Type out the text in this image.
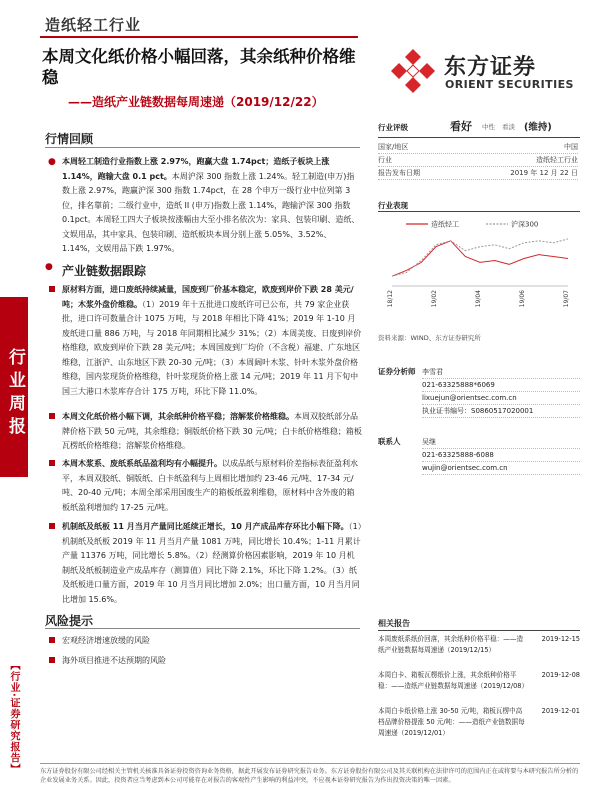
造纸轻工行业
本周文化纸价格小幅回落，其余纸种价格维稳
——造纸产业链数据每周速递（2019/12/22）
东方证券
ORIENT SECURITIES
行业周报
【行业·证券研究报告】
行情回顾
● 本周轻工制造行业指数上涨 2.97%，跑赢大盘 1.74pct；造纸子板块上涨 1.14%，跑输大盘 0.1 pct。本周沪深 300 指数上涨 1.24%。轻工制造(申万)指数上涨 2.97%，跑赢沪深 300 指数 1.74pct，在 28 个申万一级行业中位列第 3 位，排名靠前；二级行业中，造纸 II (申万)指数上涨 1.14%，跑输沪深 300 指数 0.1pct。本周轻工四大子板块按涨幅由大至小排名依次为：家具、包装印刷、造纸、文娱用品，其中家具、包装印刷、造纸板块本周分别上涨 5.05%、3.52%、1.14%，文娱用品下跌 1.97%。
● 产业链数据跟踪
原材料方面，进口废纸持续减量，国废到厂价基本稳定，欧废到岸价下跌 28 美元/吨；木浆外盘价维稳。（1）2019 年十五批进口废纸许可已公布，共 79 家企业获批，进口许可数量合计 1075 万吨，与 2018 年相比下降 41%；2019 年 1-10 月废纸进口量 886 万吨，与 2018 年同期相比减少 31%；（2）本周美废、日废到岸价格维稳，欧废到岸价下跌 28 美元/吨；本周国废到厂均价（不含税）福建、广东地区维稳，江浙沪、山东地区下跌 20-30 元/吨；（3）本周阔叶木浆、针叶木浆外盘价格维稳，国内浆现货价格维稳，针叶浆现货价格上涨 14 元/吨；2019 年 11 月下旬中国三大港口木浆库存合计 175 万吨，环比下降 11.0%。
本周文化纸价格小幅下调，其余纸种价格平稳；溶解浆价格维稳。本周双胶纸部分品牌价格下跌 50 元/吨，其余维稳；铜版纸价格下跌 30 元/吨；白卡纸价格维稳；箱板瓦楞纸价格维稳；溶解浆价格维稳。
本周木浆系、废纸系纸品盈利均有小幅提升。以成品纸与原材料价差指标表征盈利水平，本周双胶纸、铜版纸、白卡纸盈利与上周相比增加约 23-46 元/吨、17-34 元/吨、20-40 元/吨；本周全部采用国废生产的箱板纸盈利维稳，原材料中含外废的箱板纸盈利增加约 17-25 元/吨。
机制纸及纸板 11 月当月产量同比延续正增长，10 月产成品库存环比小幅下降。（1）机制纸及纸板 2019 年 11 月当月产量 1081 万吨，同比增长 10.4%；1-11 月累计产量 11376 万吨，同比增长 5.8%。（2）经测算价格因素影响，2019 年 10 月机制纸及纸板制造业产成品库存（测算值）同比下降 2.1%，环比下降 1.2%。（3）纸及纸板进口量方面，2019 年 10 月当月同比增加 2.0%；出口量方面，10 月当月同比增加 15.6%。
风险提示
宏观经济增速放缓的风险
海外项目推进不达预期的风险
行业评级	看好 中性 看淡 (维持)
国家/地区	中国
行业	造纸轻工行业
报告发布日期	2019 年 12 月 22 日
行业表现
造纸轻工	沪深300
18/12	19/02	19/04	19/06	19/07
资料来源：WIND、东方证券研究所
证券分析师 李雪君
021-63325888*6069
lixuejun@orientsec.com.cn
执业证书编号：S0860517020001
联系人	吴继
021-63325888-6088
wujin@orientsec.com.cn
相关报告
本周废纸系纸价回落，其余纸种价格平稳：——造纸产业链数据每周速递（2019/12/15）
2019-12-15
本周白卡、箱板瓦楞纸价上涨，其余纸种价格平稳：——造纸产业链数据每周速递（2019/12/08）
2019-12-08
本周白卡纸价格上涨 30-50 元/吨，箱板瓦楞中高档品牌价格提涨 50 元/吨：——造纸产业链数据每周速递（2019/12/01）
2019-12-01
东方证券股份有限公司经相关主管机关核准具备证券投资咨询业务资格，据此开展发布证券研究报告业务。东方证券股份有限公司及其关联机构在法律许可的范围内正在或将要与本研究报告所分析的企业发展业务关系。因此，投资者应当考虑到本公司可能存在对报告的客观性产生影响的利益冲突，不应视本证券研究报告为作出投资决策的唯一因素。
